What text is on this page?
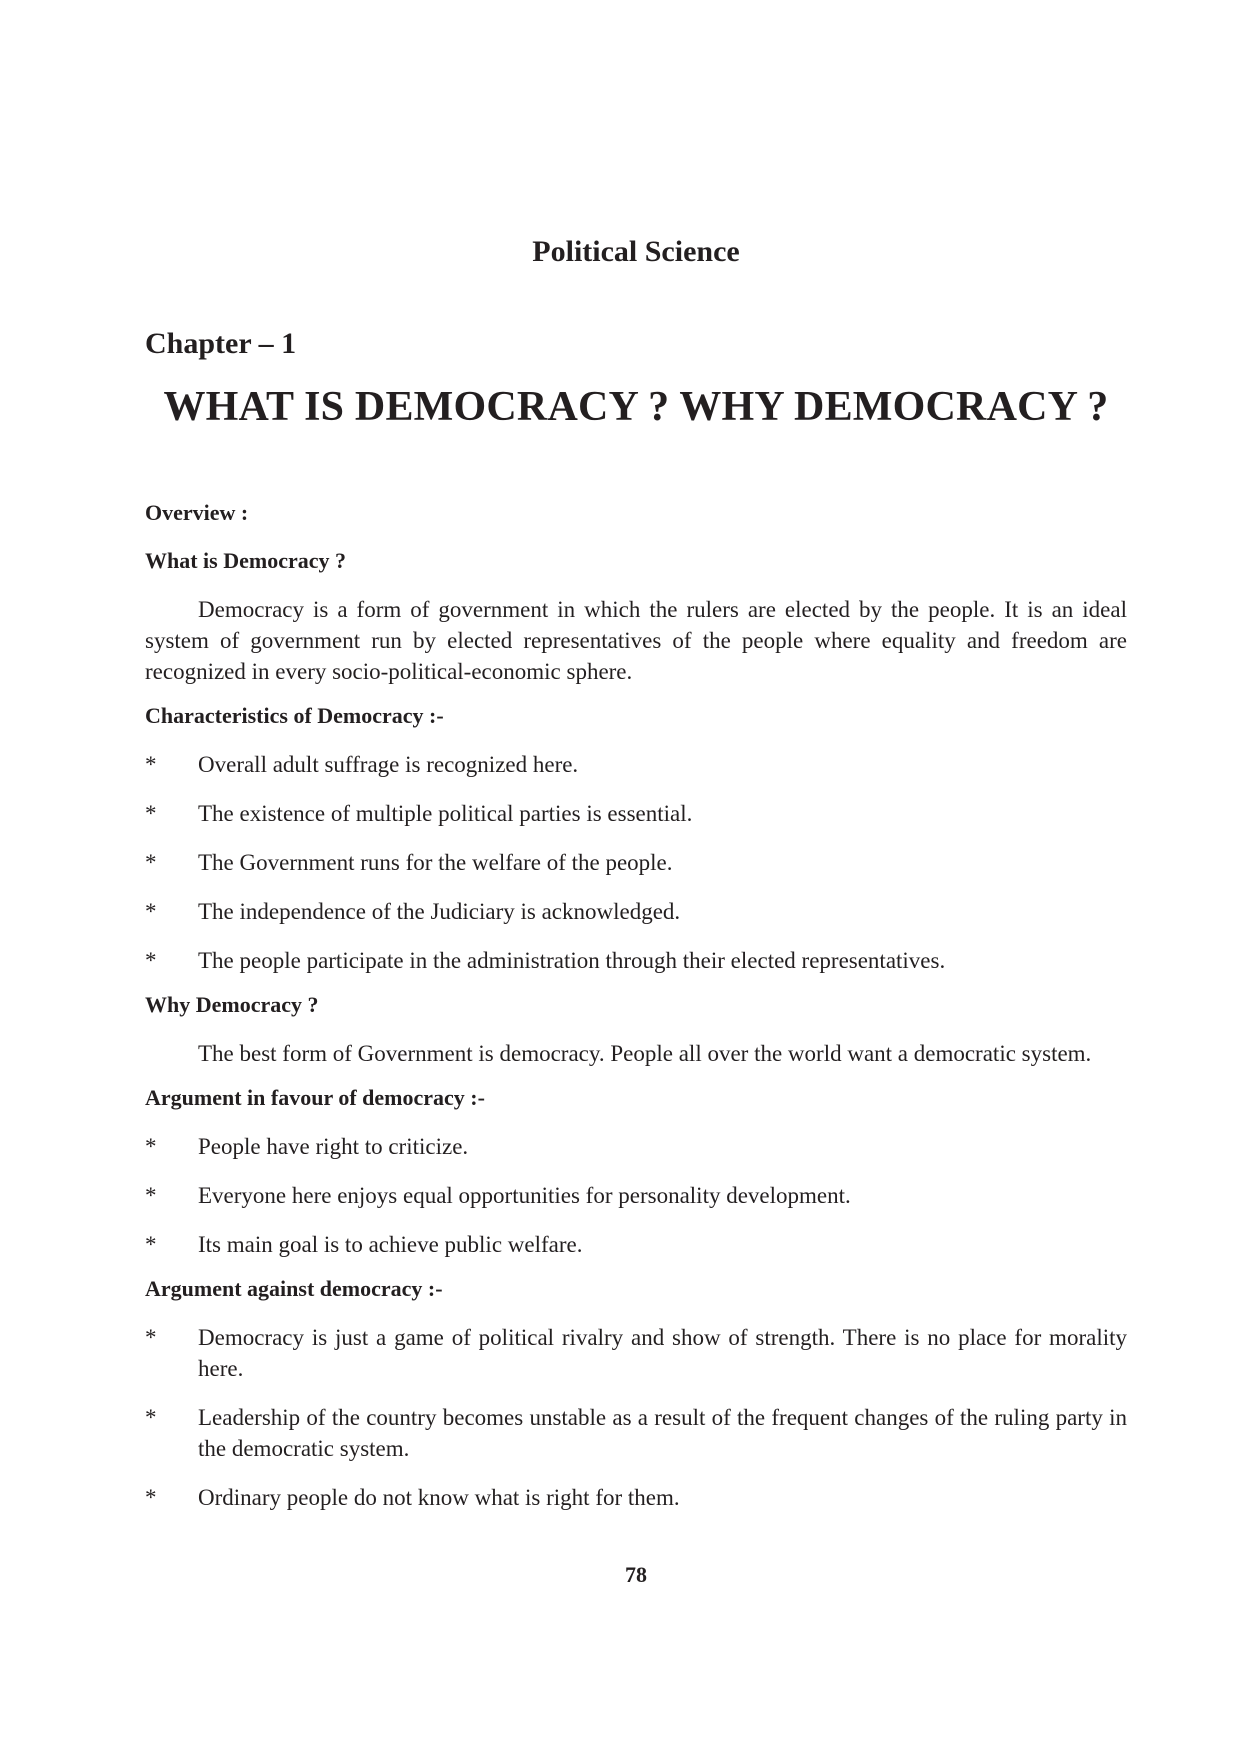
Political Science
Chapter – 1
WHAT IS DEMOCRACY ? WHY DEMOCRACY ?
Overview :
What is Democracy ?

Democracy is a form of government in which the rulers are elected by the people. It is an ideal system of government run by elected representatives of the people where equality and freedom are recognized in every socio-political-economic sphere.

Characteristics of Democracy :-
*	Overall adult suffrage is recognized here.
*	The existence of multiple political parties is essential.
*	The Government runs for the welfare of the people.
*	The independence of the Judiciary is acknowledged.
*	The people participate in the administration through their elected representatives.
Why Democracy ?

The best form of Government is democracy. People all over the world want a democratic system.

Argument in favour of democracy :-
*	People have right to criticize.
*	Everyone here enjoys equal opportunities for personality development.
*	Its main goal is to achieve public welfare.
Argument against democracy :-
*	Democracy is just a game of political rivalry and show of strength. There is no place for morality here.
*	Leadership of the country becomes unstable as a result of the frequent changes of the ruling party in the democratic system.
*	Ordinary people do not know what is right for them.
78
